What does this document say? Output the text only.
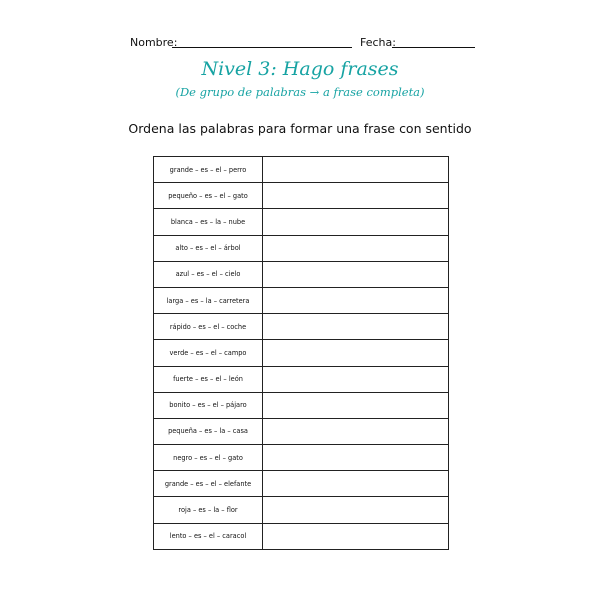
Nombre:	Fecha:
Nivel 3: Hago frases
(De grupo de palabras → a frase completa)
Ordena las palabras para formar una frase con sentido
grande – es – el – perro	
pequeño – es – el – gato	
blanca – es – la – nube	
alto – es – el – árbol	
azul – es – el – cielo	
larga – es – la – carretera	
rápido – es – el – coche	
verde – es – el – campo	
fuerte – es – el – león	
bonito – es – el – pájaro	
pequeña – es – la – casa	
negro – es – el – gato	
grande – es – el – elefante	
roja – es – la – flor	
lento – es – el – caracol	
